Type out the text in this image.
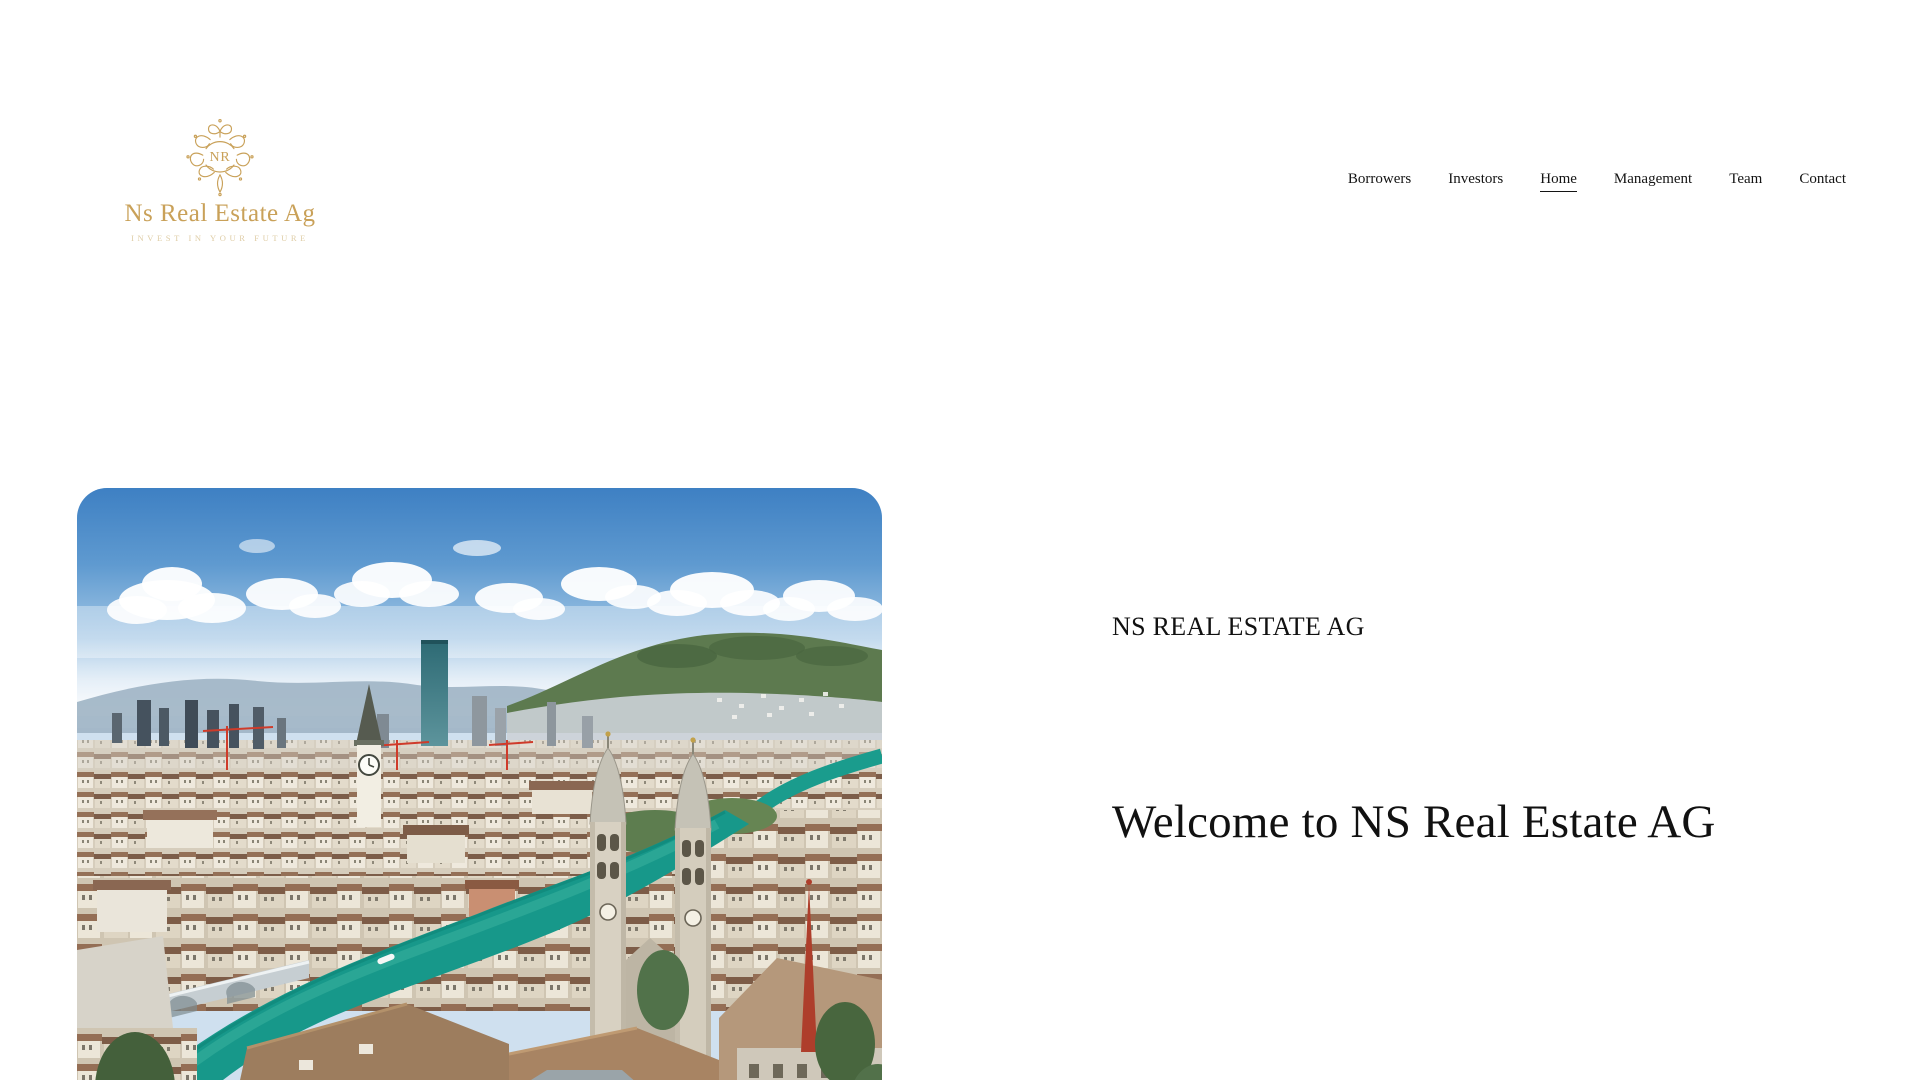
NR
Ns Real Estate Ag
INVEST IN YOUR FUTURE
Borrowers Investors Home Management Team Contact
NS REAL ESTATE AG
Welcome to NS Real Estate AG
